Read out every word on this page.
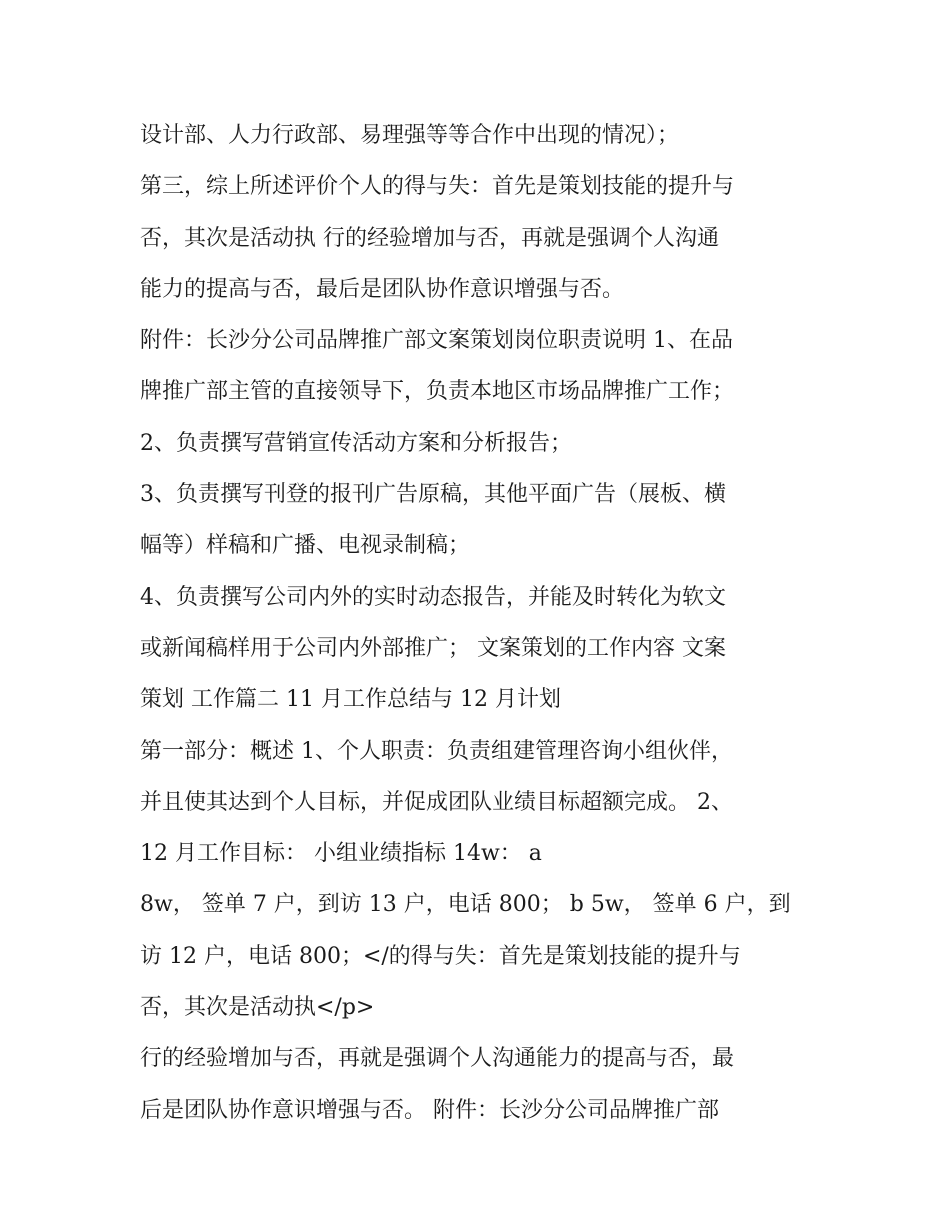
设计部、人力行政部、易理强等等合作中出现的情况）；
第三，综上所述评价个人的得与失：首先是策划技能的提升与
否，其次是活动执 行的经验增加与否，再就是强调个人沟通
能力的提高与否，最后是团队协作意识增强与否。
附件：长沙分公司品牌推广部文案策划岗位职责说明 1、在品
牌推广部主管的直接领导下，负责本地区市场品牌推广工作；
2、负责撰写营销宣传活动方案和分析报告；
3、负责撰写刊登的报刊广告原稿，其他平面广告（展板、横
幅等）样稿和广播、电视录制稿；
4、负责撰写公司内外的实时动态报告，并能及时转化为软文
或新闻稿样用于公司内外部推广； 文案策划的工作内容 文案
策划 工作篇二 11 月工作总结与 12 月计划
第一部分：概述 1、个人职责：负责组建管理咨询小组伙伴，
并且使其达到个人目标，并促成团队业绩目标超额完成。 2、
12 月工作目标： 小组业绩指标 14w： a
8w， 签单 7 户，到访 13 户，电话 800； b 5w， 签单 6 户，到
访 12 户，电话 800；</的得与失：首先是策划技能的提升与
否，其次是活动执</p>
行的经验增加与否，再就是强调个人沟通能力的提高与否，最
后是团队协作意识增强与否。 附件：长沙分公司品牌推广部
